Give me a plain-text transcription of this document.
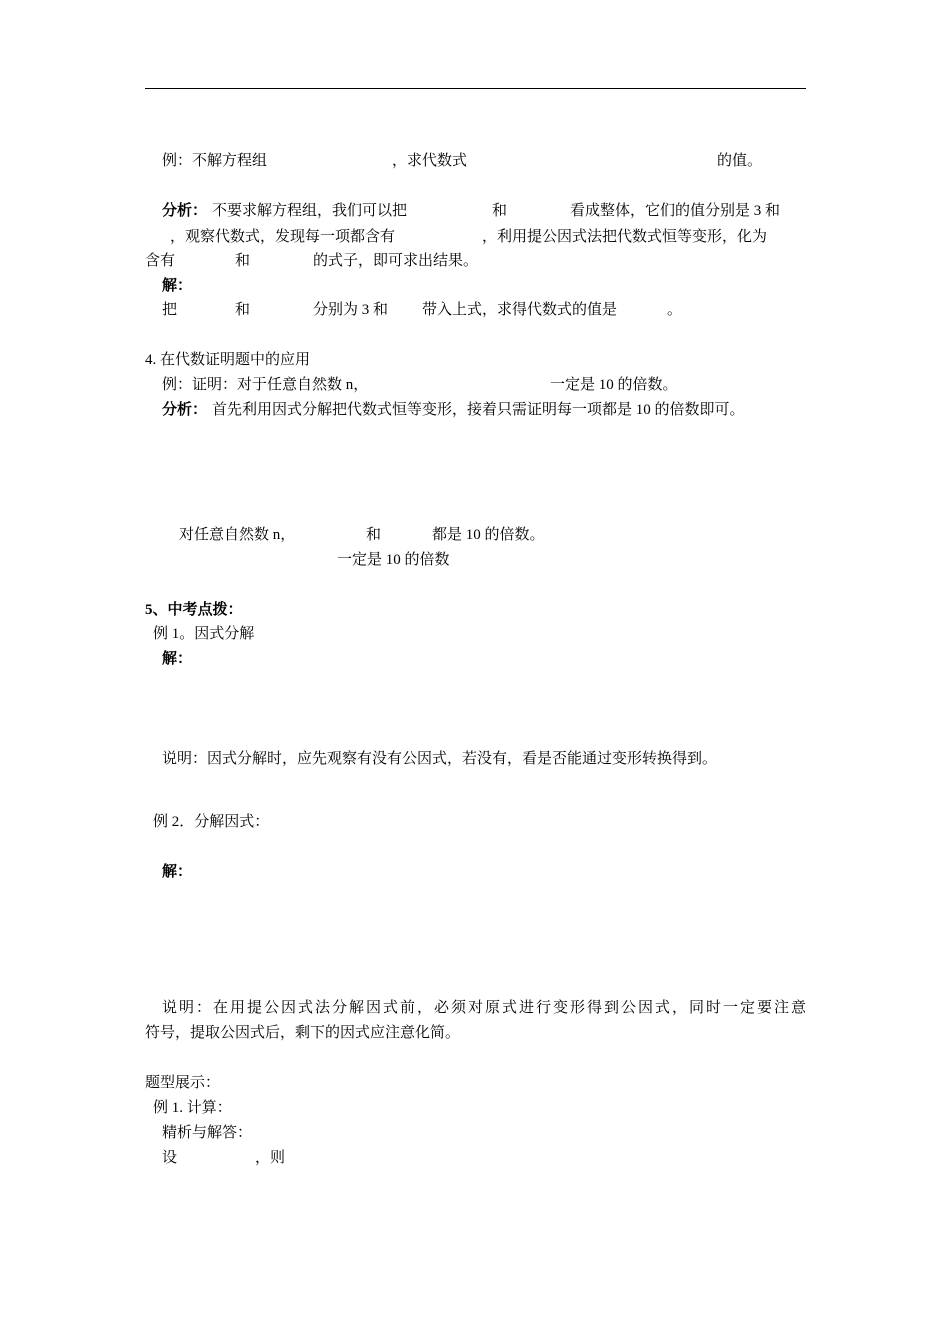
例：不解方程组	，求代数式	的值。
分析： 不要求解方程组，我们可以把	和	看成整体，它们的值分别是 3 和
，观察代数式，发现每一项都含有	，利用提公因式法把代数式恒等变形，化为
含有	和	的式子，即可求出结果。
解：
把	和	分别为 3 和 带入上式，求得代数式的值是	。
4. 在代数证明题中的应用
例：证明：对于任意自然数 n，	一定是 10 的倍数。
分析： 首先利用因式分解把代数式恒等变形，接着只需证明每一项都是 10 的倍数即可。
对任意自然数 n，	和	都是 10 的倍数。
一定是 10 的倍数
5、中考点拨：
例 1。因式分解
解：
说明：因式分解时，应先观察有没有公因式，若没有，看是否能通过变形转换得到。
例 2．分解因式：
解：
说明：在用提公因式法分解因式前，必须对原式进行变形得到公因式，同时一定要注意
符号，提取公因式后，剩下的因式应注意化简。
题型展示：
例 1. 计算：
精析与解答：
设	，则
